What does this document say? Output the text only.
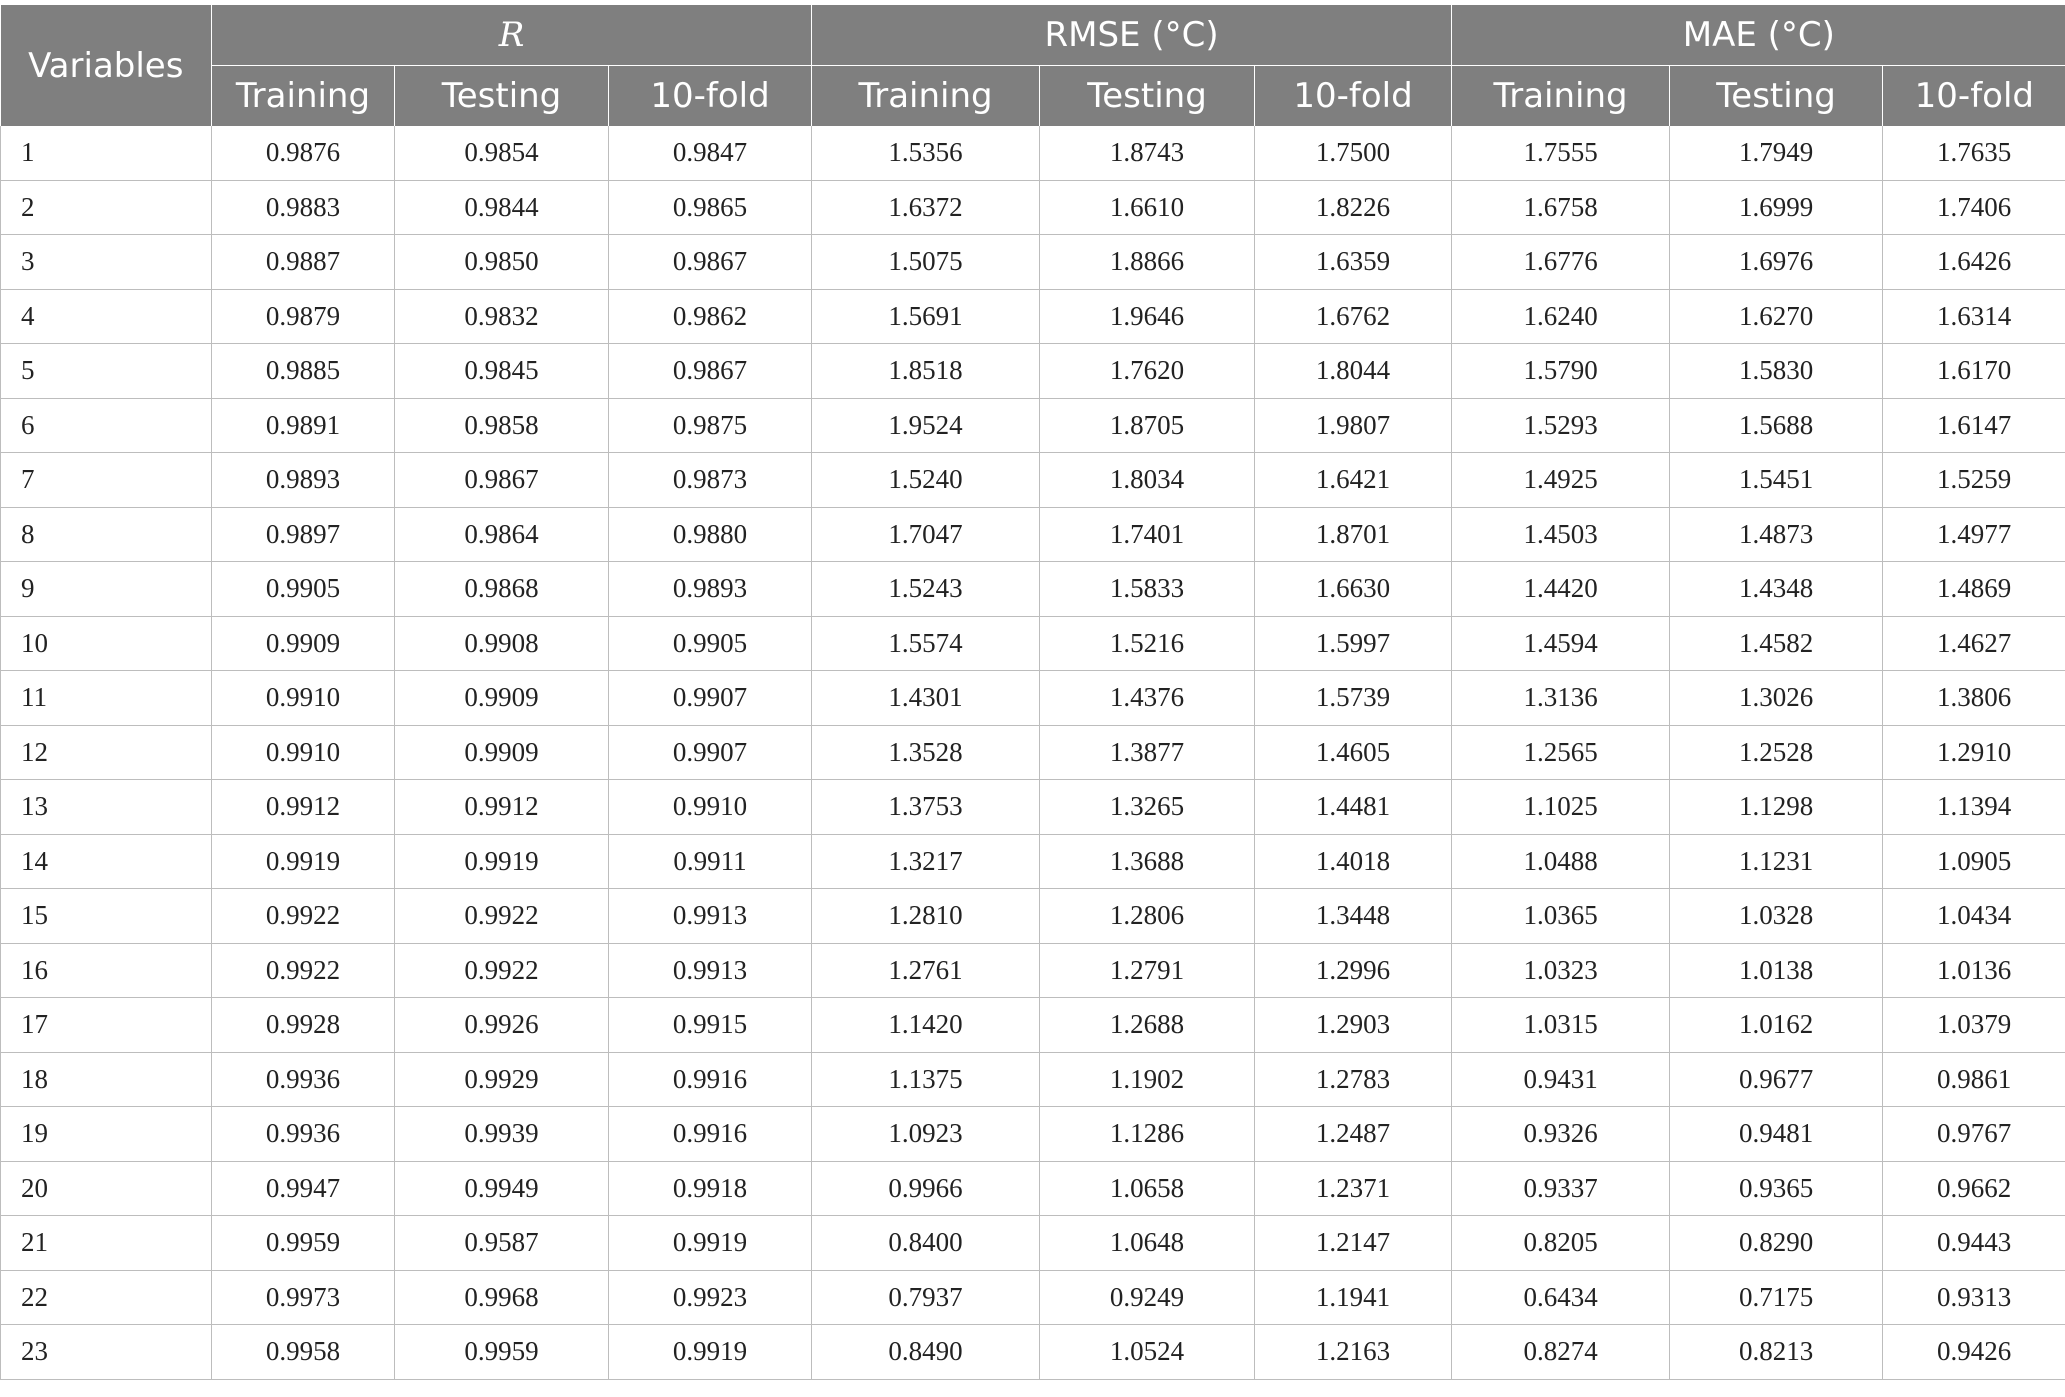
Variables	R			RMSE (°C)			MAE (°C)		
	Training	Testing	10-fold	Training	Testing	10-fold	Training	Testing	10-fold
1	0.9876	0.9854	0.9847	1.5356	1.8743	1.7500	1.7555	1.7949	1.7635
2	0.9883	0.9844	0.9865	1.6372	1.6610	1.8226	1.6758	1.6999	1.7406
3	0.9887	0.9850	0.9867	1.5075	1.8866	1.6359	1.6776	1.6976	1.6426
4	0.9879	0.9832	0.9862	1.5691	1.9646	1.6762	1.6240	1.6270	1.6314
5	0.9885	0.9845	0.9867	1.8518	1.7620	1.8044	1.5790	1.5830	1.6170
6	0.9891	0.9858	0.9875	1.9524	1.8705	1.9807	1.5293	1.5688	1.6147
7	0.9893	0.9867	0.9873	1.5240	1.8034	1.6421	1.4925	1.5451	1.5259
8	0.9897	0.9864	0.9880	1.7047	1.7401	1.8701	1.4503	1.4873	1.4977
9	0.9905	0.9868	0.9893	1.5243	1.5833	1.6630	1.4420	1.4348	1.4869
10	0.9909	0.9908	0.9905	1.5574	1.5216	1.5997	1.4594	1.4582	1.4627
11	0.9910	0.9909	0.9907	1.4301	1.4376	1.5739	1.3136	1.3026	1.3806
12	0.9910	0.9909	0.9907	1.3528	1.3877	1.4605	1.2565	1.2528	1.2910
13	0.9912	0.9912	0.9910	1.3753	1.3265	1.4481	1.1025	1.1298	1.1394
14	0.9919	0.9919	0.9911	1.3217	1.3688	1.4018	1.0488	1.1231	1.0905
15	0.9922	0.9922	0.9913	1.2810	1.2806	1.3448	1.0365	1.0328	1.0434
16	0.9922	0.9922	0.9913	1.2761	1.2791	1.2996	1.0323	1.0138	1.0136
17	0.9928	0.9926	0.9915	1.1420	1.2688	1.2903	1.0315	1.0162	1.0379
18	0.9936	0.9929	0.9916	1.1375	1.1902	1.2783	0.9431	0.9677	0.9861
19	0.9936	0.9939	0.9916	1.0923	1.1286	1.2487	0.9326	0.9481	0.9767
20	0.9947	0.9949	0.9918	0.9966	1.0658	1.2371	0.9337	0.9365	0.9662
21	0.9959	0.9587	0.9919	0.8400	1.0648	1.2147	0.8205	0.8290	0.9443
22	0.9973	0.9968	0.9923	0.7937	0.9249	1.1941	0.6434	0.7175	0.9313
23	0.9958	0.9959	0.9919	0.8490	1.0524	1.2163	0.8274	0.8213	0.9426
